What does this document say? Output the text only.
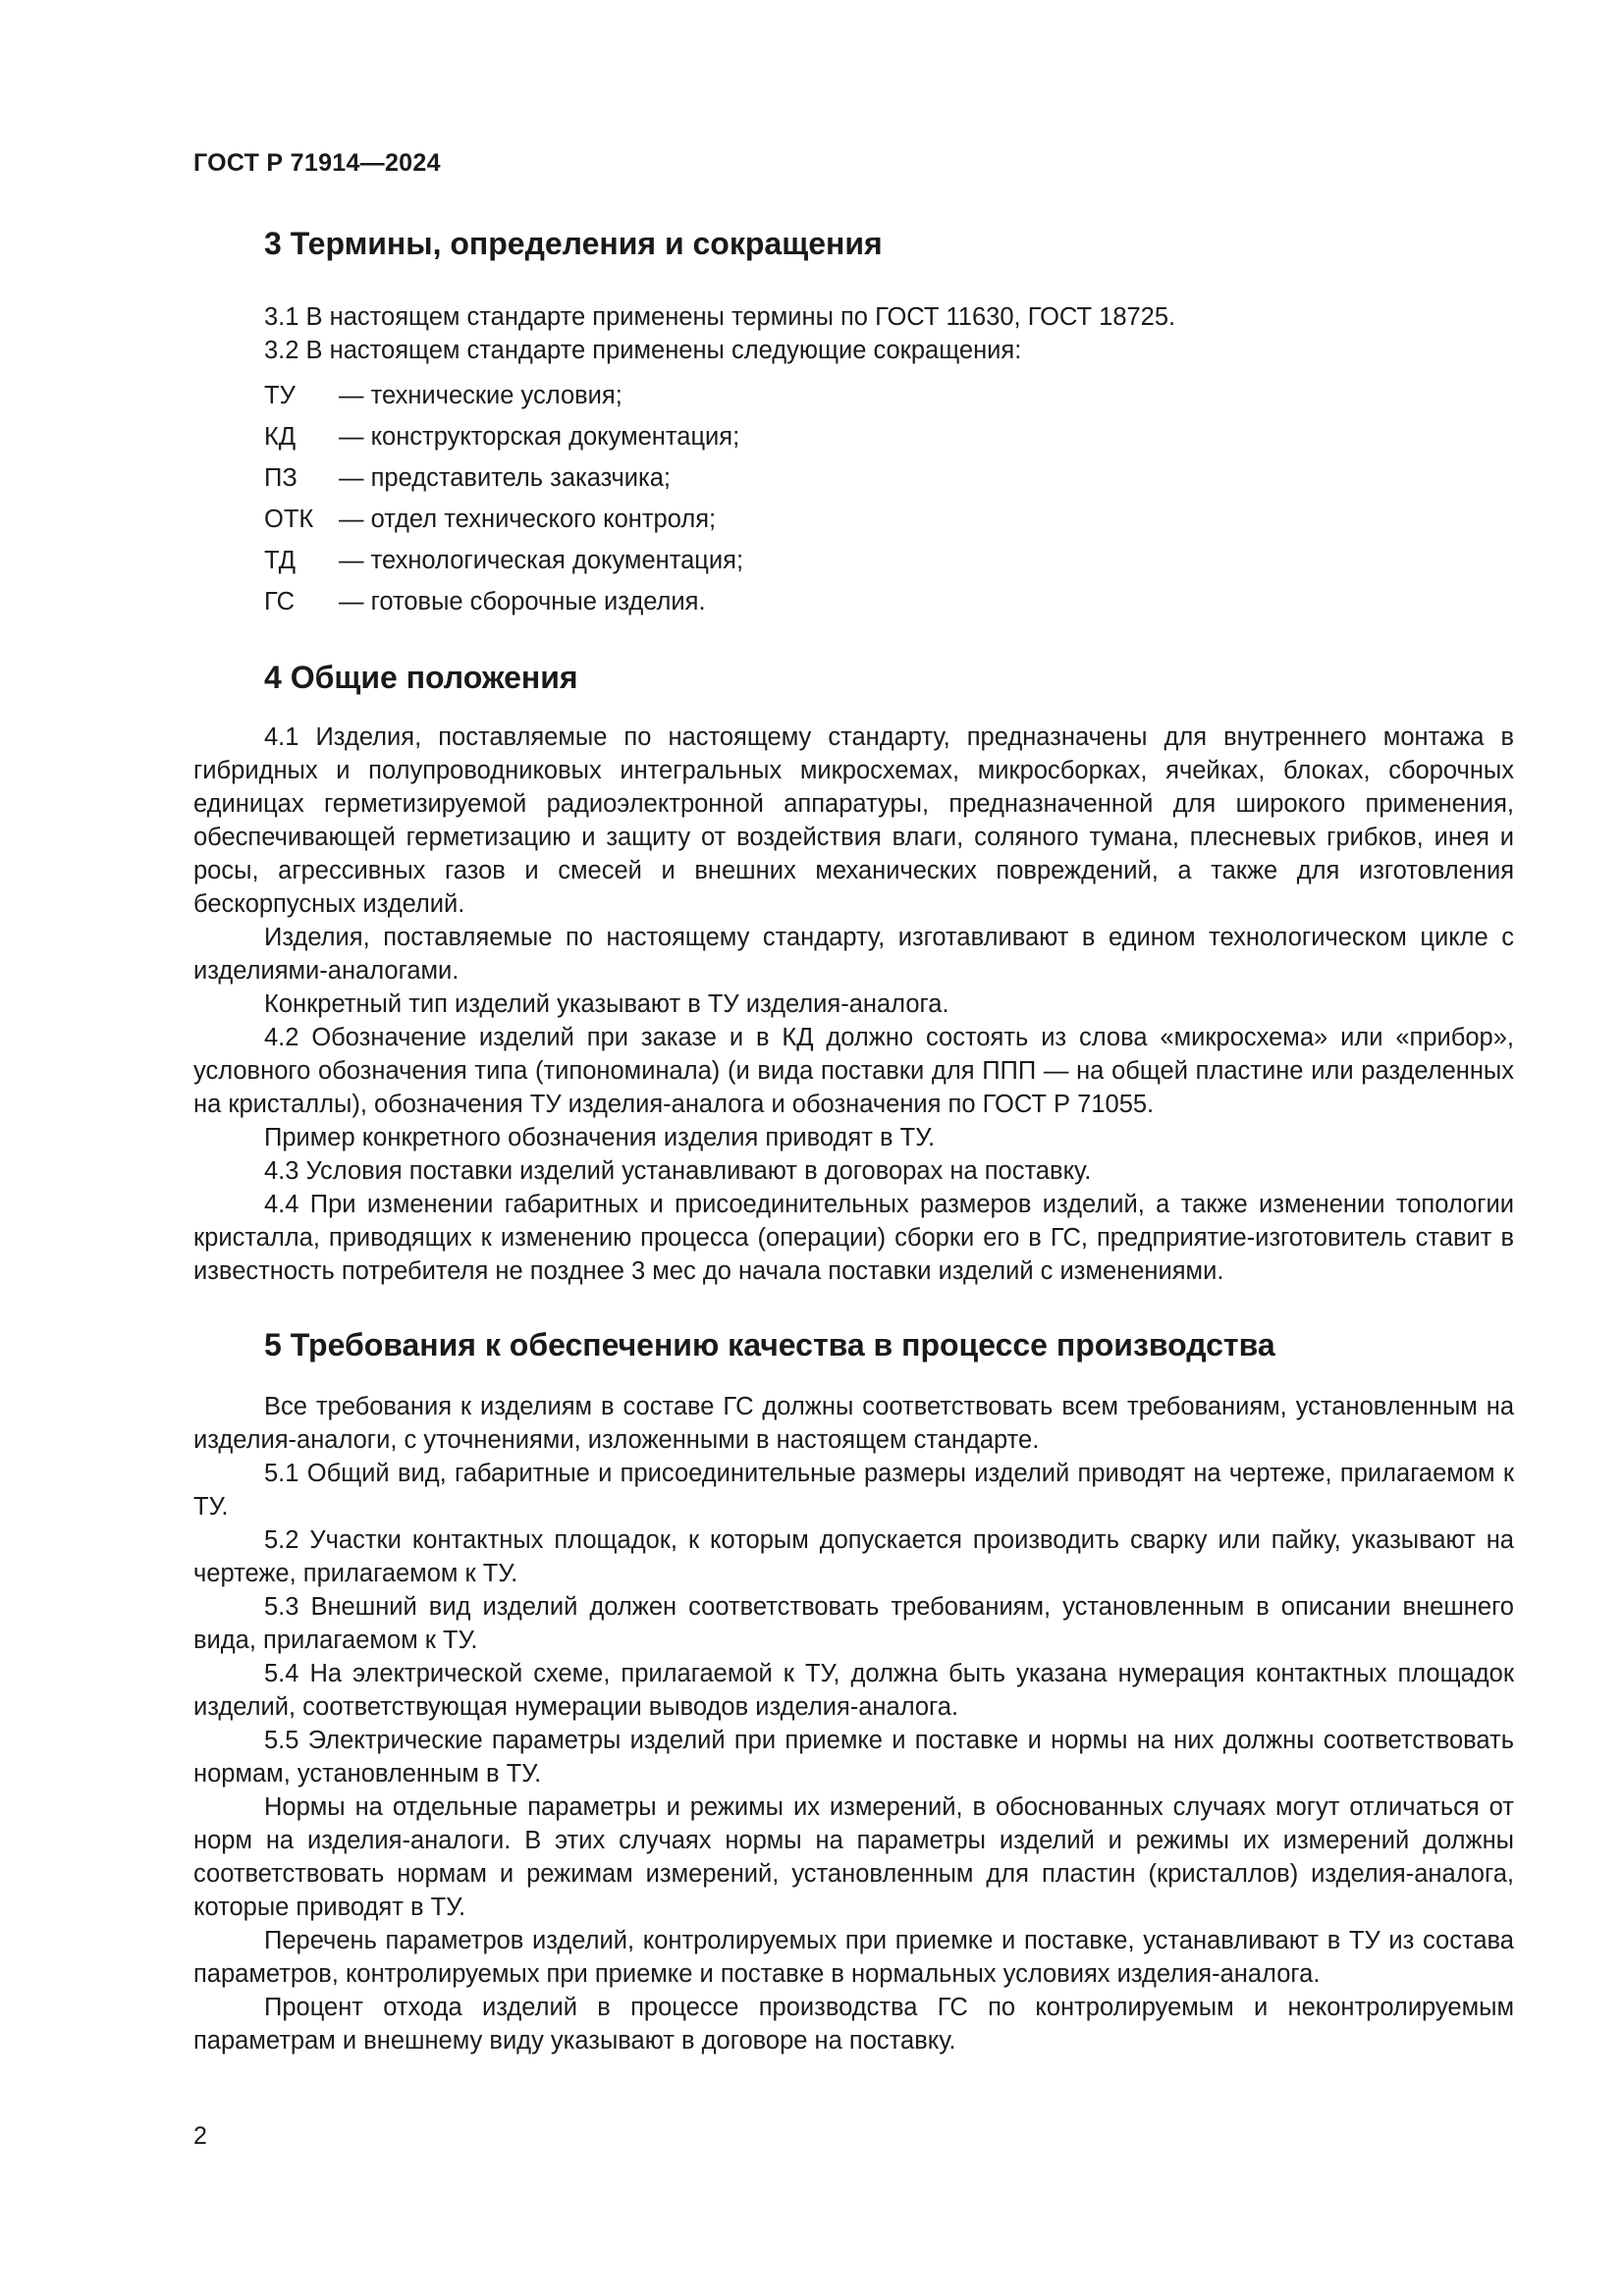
ГОСТ Р 71914—2024
3 Термины, определения и сокращения

3.1 В настоящем стандарте применены термины по ГОСТ 11630, ГОСТ 18725.

3.2 В настоящем стандарте применены следующие сокращения:

ТУ	— технические условия;
КД	— конструкторская документация;
ПЗ	— представитель заказчика;
ОТК	— отдел технического контроля;
ТД	— технологическая документация;
ГС	— готовые сборочные изделия.
4 Общие положения

4.1 Изделия, поставляемые по настоящему стандарту, предназначены для внутреннего монтажа в гибридных и полупроводниковых интегральных микросхемах, микросборках, ячейках, блоках, сборочных единицах герметизируемой радиоэлектронной аппаратуры, предназначенной для широкого применения, обеспечивающей герметизацию и защиту от воздействия влаги, соляного тумана, плесневых грибков, инея и росы, агрессивных газов и смесей и внешних механических повреждений, а также для изготовления бескорпусных изделий.

Изделия, поставляемые по настоящему стандарту, изготавливают в едином технологическом цикле с изделиями-аналогами.

Конкретный тип изделий указывают в ТУ изделия-аналога.

4.2 Обозначение изделий при заказе и в КД должно состоять из слова «микросхема» или «прибор», условного обозначения типа (типономинала) (и вида поставки для ППП — на общей пластине или разделенных на кристаллы), обозначения ТУ изделия-аналога и обозначения по ГОСТ Р 71055.

Пример конкретного обозначения изделия приводят в ТУ.

4.3 Условия поставки изделий устанавливают в договорах на поставку.

4.4 При изменении габаритных и присоединительных размеров изделий, а также изменении топологии кристалла, приводящих к изменению процесса (операции) сборки его в ГС, предприятие-изготовитель ставит в известность потребителя не позднее 3 мес до начала поставки изделий с изменениями.

5 Требования к обеспечению качества в процессе производства

Все требования к изделиям в составе ГС должны соответствовать всем требованиям, установленным на изделия-аналоги, с уточнениями, изложенными в настоящем стандарте.

5.1 Общий вид, габаритные и присоединительные размеры изделий приводят на чертеже, прилагаемом к ТУ.

5.2 Участки контактных площадок, к которым допускается производить сварку или пайку, указывают на чертеже, прилагаемом к ТУ.

5.3 Внешний вид изделий должен соответствовать требованиям, установленным в описании внешнего вида, прилагаемом к ТУ.

5.4 На электрической схеме, прилагаемой к ТУ, должна быть указана нумерация контактных площадок изделий, соответствующая нумерации выводов изделия-аналога.

5.5 Электрические параметры изделий при приемке и поставке и нормы на них должны соответствовать нормам, установленным в ТУ.

Нормы на отдельные параметры и режимы их измерений, в обоснованных случаях могут отличаться от норм на изделия-аналоги. В этих случаях нормы на параметры изделий и режимы их измерений должны соответствовать нормам и режимам измерений, установленным для пластин (кристаллов) изделия-аналога, которые приводят в ТУ.

Перечень параметров изделий, контролируемых при приемке и поставке, устанавливают в ТУ из состава параметров, контролируемых при приемке и поставке в нормальных условиях изделия-аналога.

Процент отхода изделий в процессе производства ГС по контролируемым и неконтролируемым параметрам и внешнему виду указывают в договоре на поставку.

2
